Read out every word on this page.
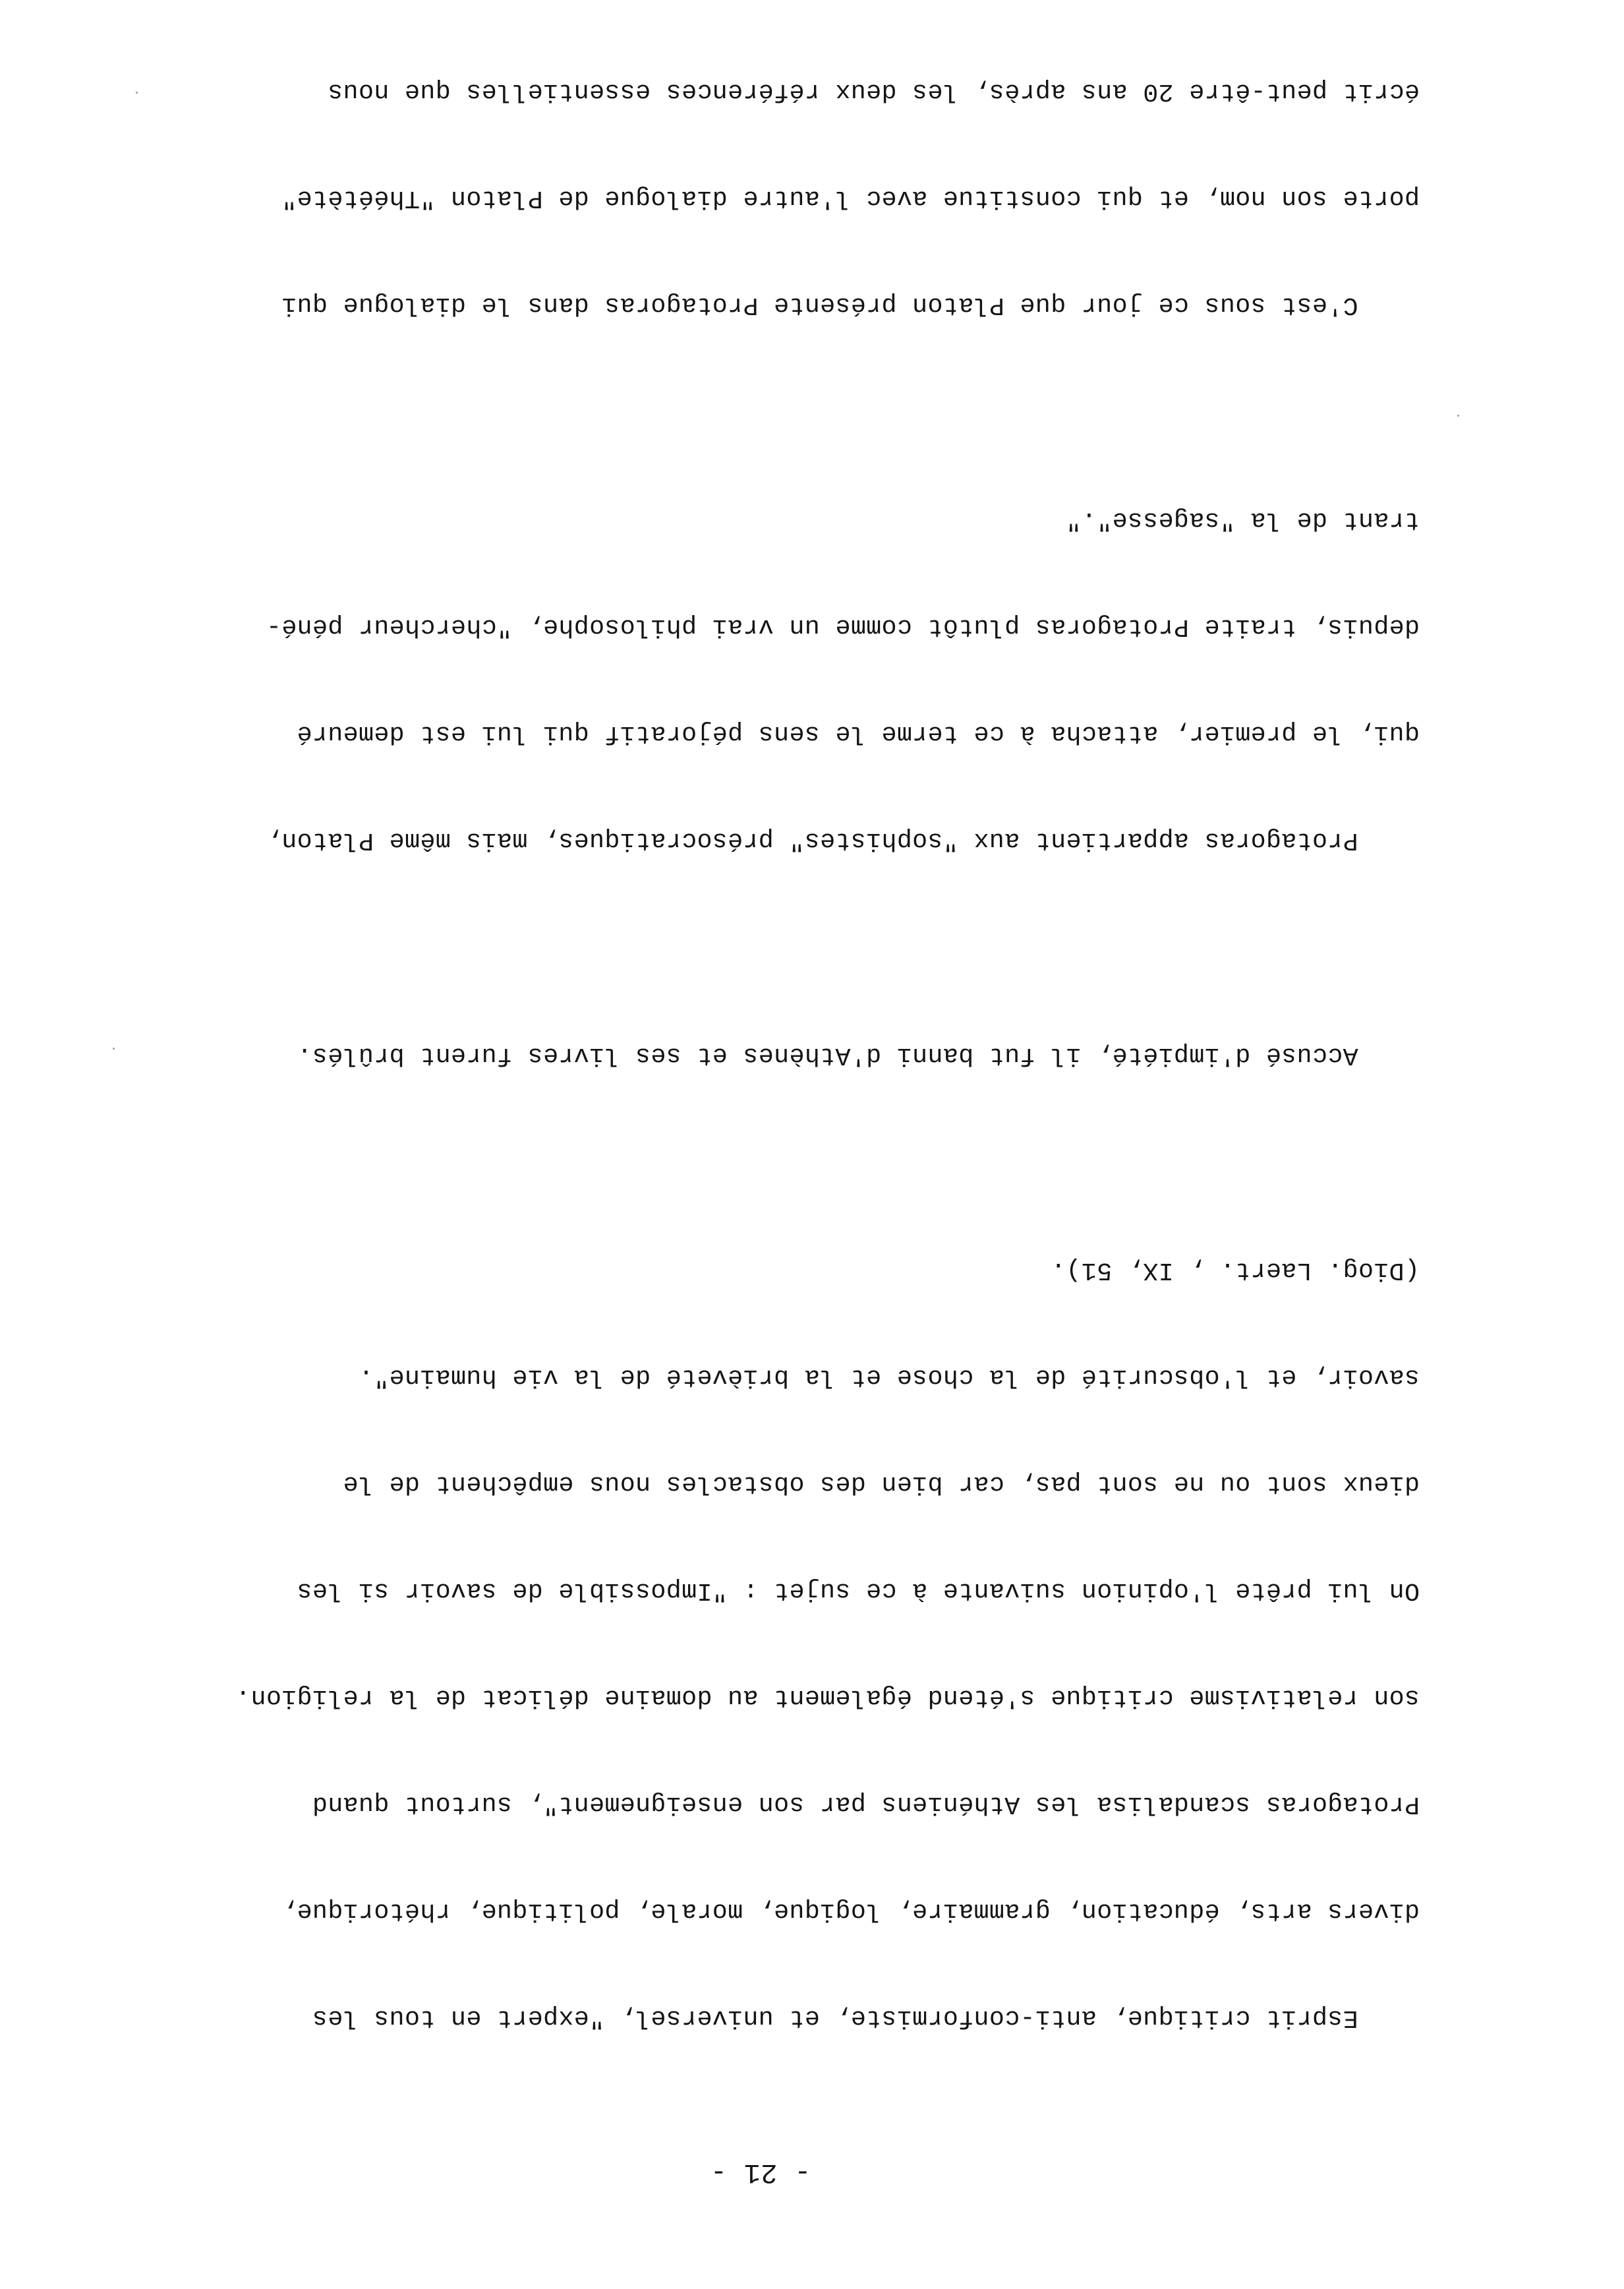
- 21 -

Esprit critique, anti-conformiste, et universel, "expert en tous les

divers arts, éducation, grammaire, logique, morale, politique, rhétorique,

Protagoras scandalisa les Athéniens par son enseignement", surtout quand

son relativisme critique s'étend également au domaine délicat de la religion.

On lui prête l'opinion suivante à ce sujet : "Impossible de savoir si les

dieux sont ou ne sont pas, car bien des obstacles nous empêchent de le

savoir, et l'obscurité de la chose et la brièveté de la vie humaine".

(Diog. Laert. , IX, 51).

Accusé d'impiété, il fut banni d'Athènes et ses livres furent brûlés.

Protagoras appartient aux "sophistes" présocratiques, mais même Platon,

qui, le premier, attacha à ce terme le sens péjoratif qui lui est demeuré

depuis, traite Protagoras plutôt comme un vrai philosophe, "chercheur péné-

trant de la "sagesse"."

C'est sous ce jour que Platon présente Protagoras dans le dialogue qui

porte son nom, et qui constitue avec l'autre dialogue de Platon "Théétète"

écrit peut-être 20 ans après, les deux références essentielles que nous
